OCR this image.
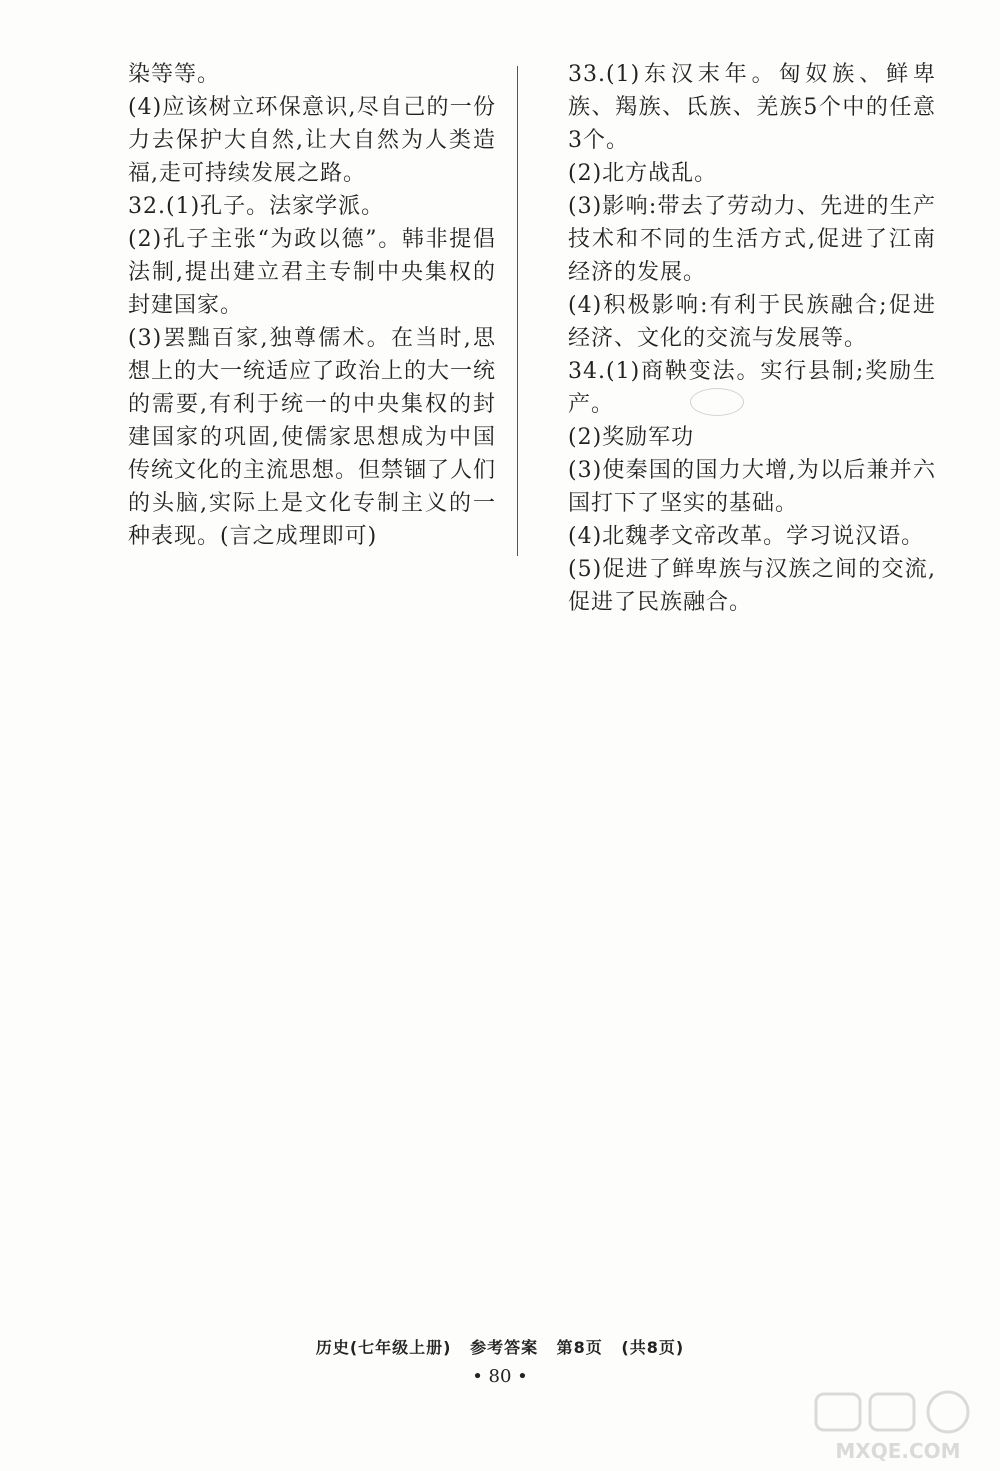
染等等。

(4)应该树立环保意识,尽自己的一份力去保护大自然,让大自然为人类造福,走可持续发展之路。

32.(1)孔子。法家学派。

(2)孔子主张“为政以德”。韩非提倡法制,提出建立君主专制中央集权的封建国家。

(3)罢黜百家,独尊儒术。在当时,思想上的大一统适应了政治上的大一统的需要,有利于统一的中央集权的封建国家的巩固,使儒家思想成为中国传统文化的主流思想。但禁锢了人们的头脑,实际上是文化专制主义的一种表现。(言之成理即可)

33.(1)东汉末年。匈奴族、鲜卑族、羯族、氐族、羌族5个中的任意3个。

(2)北方战乱。

(3)影响:带去了劳动力、先进的生产技术和不同的生活方式,促进了江南经济的发展。

(4)积极影响:有利于民族融合;促进经济、文化的交流与发展等。

34.(1)商鞅变法。实行县制;奖励生产。

(2)奖励军功

(3)使秦国的国力大增,为以后兼并六国打下了坚实的基础。

(4)北魏孝文帝改革。学习说汉语。

(5)促进了鲜卑族与汉族之间的交流,促进了民族融合。

历史(七年级上册) 参考答案 第8页 (共8页)
• 80 •
MXQE.COM
